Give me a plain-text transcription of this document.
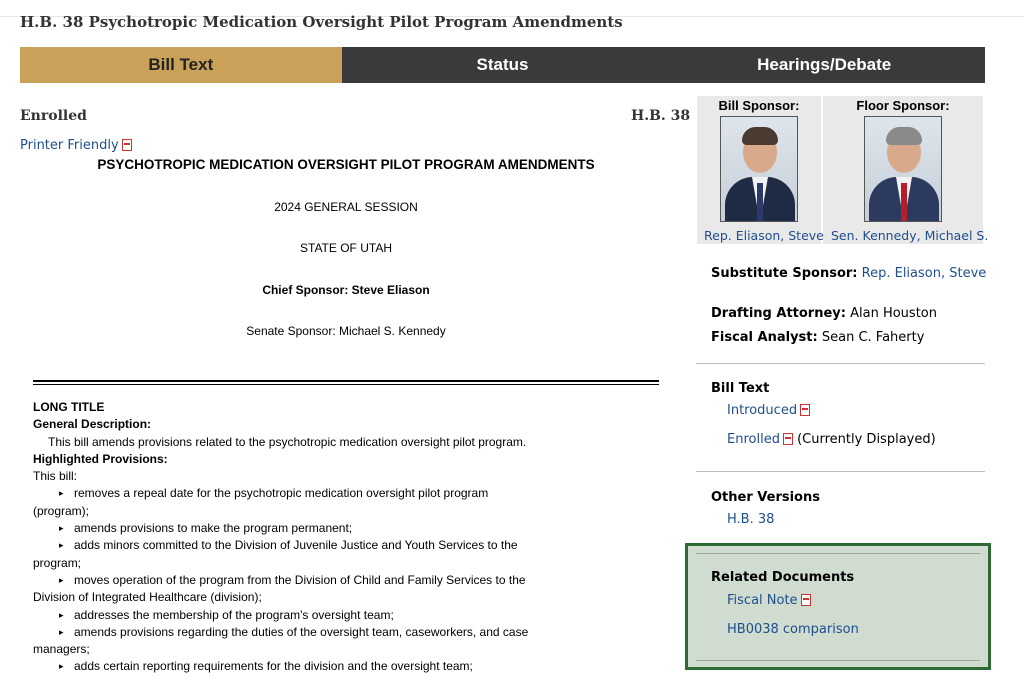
H.B. 38 Psychotropic Medication Oversight Pilot Program Amendments
Bill Text	Status	Hearings/Debate
Enrolled	H.B. 38
Printer Friendly
PSYCHOTROPIC MEDICATION OVERSIGHT PILOT PROGRAM AMENDMENTS
2024 GENERAL SESSION
STATE OF UTAH
Chief Sponsor: Steve Eliason
Senate Sponsor: Michael S. Kennedy
LONG TITLE
General Description:
This bill amends provisions related to the psychotropic medication oversight pilot program.
Highlighted Provisions:
This bill:
▸ removes a repeal date for the psychotropic medication oversight pilot program
(program);
▸ amends provisions to make the program permanent;
▸ adds minors committed to the Division of Juvenile Justice and Youth Services to the
program;
▸ moves operation of the program from the Division of Child and Family Services to the
Division of Integrated Healthcare (division);
▸ addresses the membership of the program's oversight team;
▸ amends provisions regarding the duties of the oversight team, caseworkers, and case
managers;
▸ adds certain reporting requirements for the division and the oversight team;
Bill Sponsor:	Floor Sponsor:
Rep. Eliason, Steve Sen. Kennedy, Michael S.
Substitute Sponsor: Rep. Eliason, Steve
Drafting Attorney: Alan Houston
Fiscal Analyst: Sean C. Faherty
Bill Text
Introduced
Enrolled (Currently Displayed)
Other Versions
H.B. 38
Related Documents
Fiscal Note
HB0038 comparison
